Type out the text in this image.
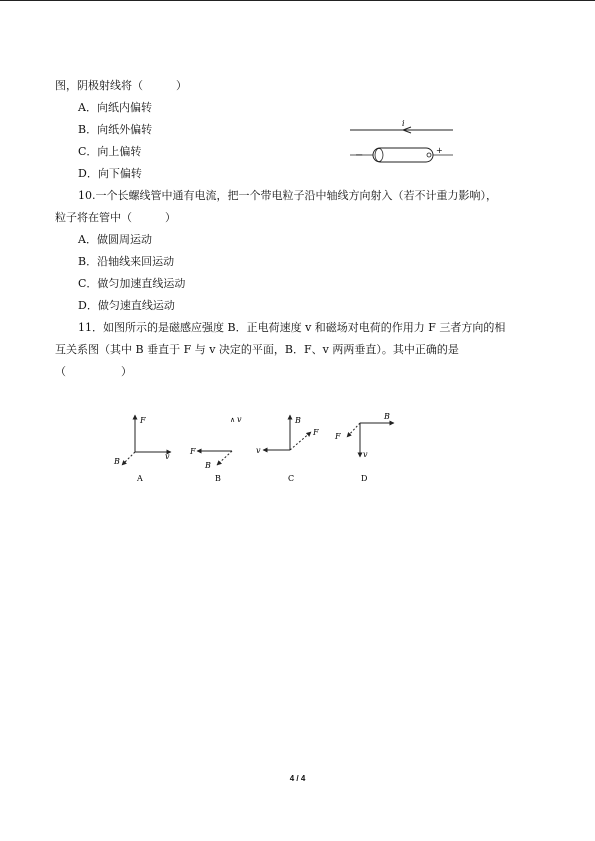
图，阴极射线将（　　　）
A．向纸内偏转
B．向纸外偏转
C．向上偏转
D．向下偏转
i
−	+
10.一个长螺线管中通有电流，把一个带电粒子沿中轴线方向射入（若不计重力影响），
粒子将在管中（　　　）
A．做圆周运动
B．沿轴线来回运动
C．做匀加速直线运动
D．做匀速直线运动
11．如图所示的是磁感应强度 B．正电荷速度 v 和磁场对电荷的作用力 F 三者方向的相
互关系图（其中 B 垂直于 F 与 v 决定的平面，B．F、v 两两垂直）。其中正确的是
（　　　　　）
F
v
B
A
∧ v
F
B
B
B
F
v
C
B
F
v
D
4 / 4
